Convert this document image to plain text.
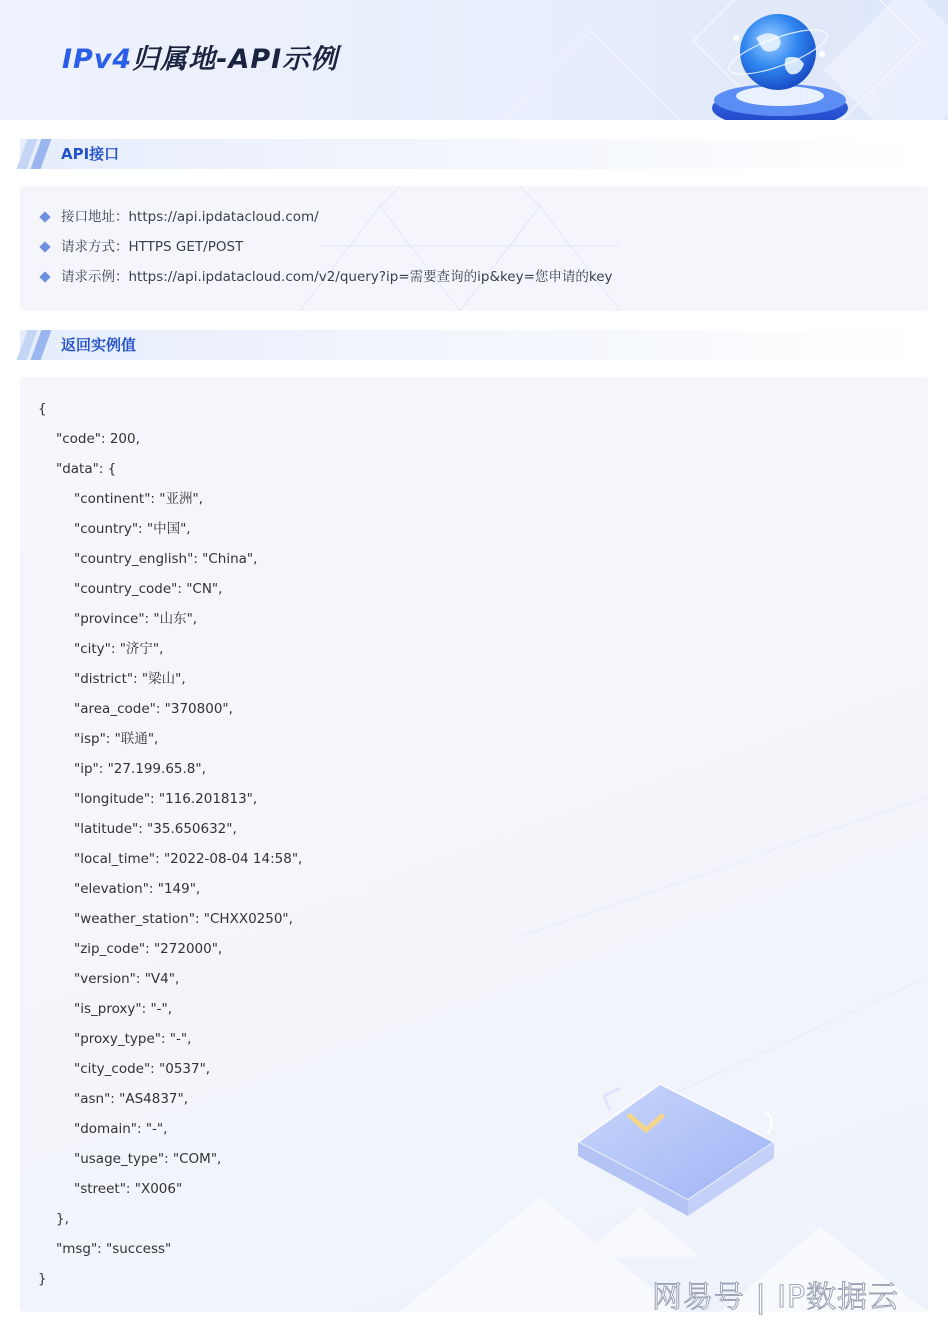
IPv4归属地-API示例
API接口
接口地址：https://api.ipdatacloud.com/
请求方式：HTTPS GET/POST
请求示例：https://api.ipdatacloud.com/v2/query?ip=需要查询的ip&key=您申请的key
返回实例值
{
"code": 200,
"data": {
"continent": "亚洲",
"country": "中国",
"country_english": "China",
"country_code": "CN",
"province": "山东",
"city": "济宁",
"district": "梁山",
"area_code": "370800",
"isp": "联通",
"ip": "27.199.65.8",
"longitude": "116.201813",
"latitude": "35.650632",
"local_time": "2022-08-04 14:58",
"elevation": "149",
"weather_station": "CHXX0250",
"zip_code": "272000",
"version": "V4",
"is_proxy": "-",
"proxy_type": "-",
"city_code": "0537",
"asn": "AS4837",
"domain": "-",
"usage_type": "COM",
"street": "X006"
},
"msg": "success"
}
网易号 | IP数据云
